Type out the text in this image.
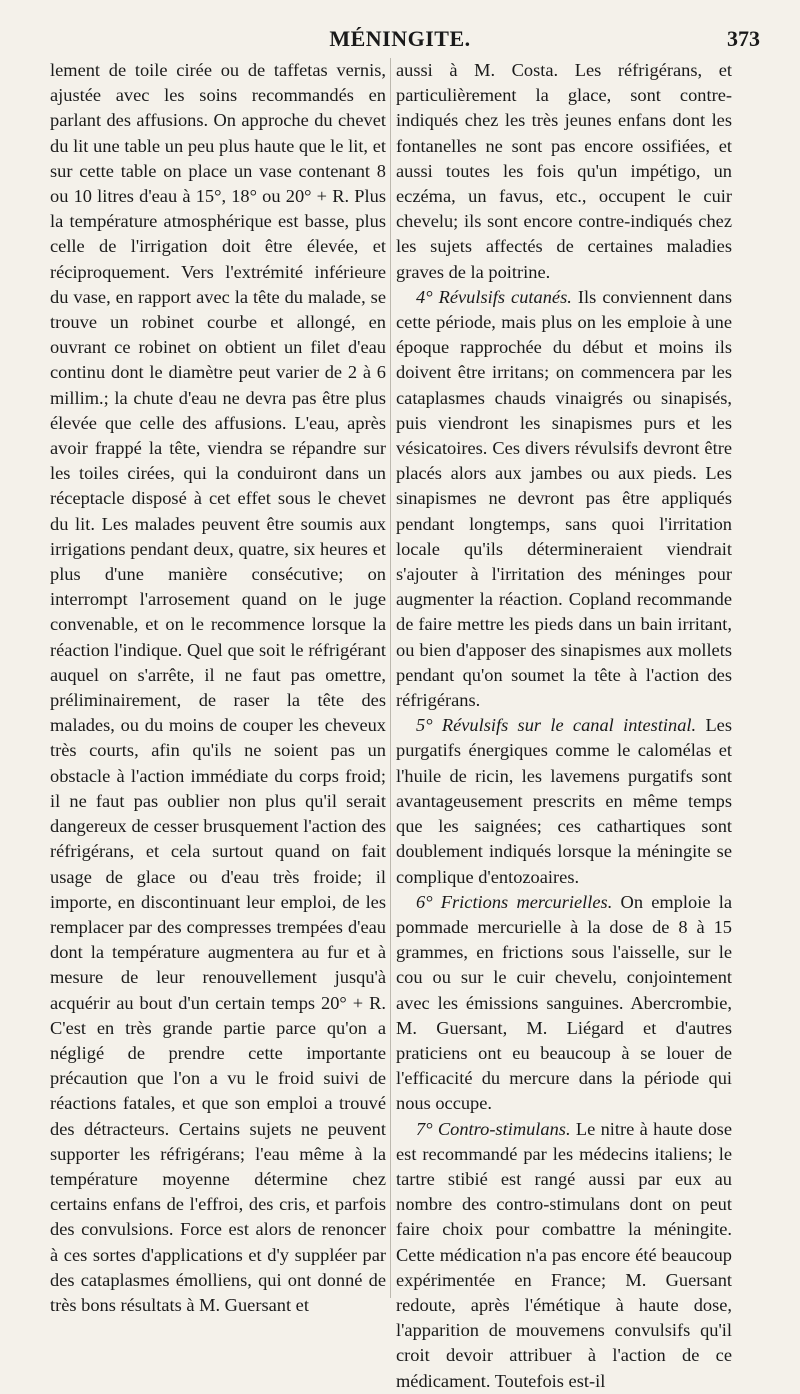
MÉNINGITE.	373

lement de toile cirée ou de taffetas vernis, ajustée avec les soins recommandés en parlant des affusions. On approche du chevet du lit une table un peu plus haute que le lit, et sur cette table on place un vase contenant 8 ou 10 litres d'eau à 15°, 18° ou 20° + R. Plus la température atmosphérique est basse, plus celle de l'irrigation doit être élevée, et réciproquement. Vers l'extrémité inférieure du vase, en rapport avec la tête du malade, se trouve un robinet courbe et allongé, en ouvrant ce robinet on obtient un filet d'eau continu dont le diamètre peut varier de 2 à 6 millim.; la chute d'eau ne devra pas être plus élevée que celle des affusions. L'eau, après avoir frappé la tête, viendra se répandre sur les toiles cirées, qui la conduiront dans un réceptacle disposé à cet effet sous le chevet du lit. Les malades peuvent être soumis aux irrigations pendant deux, quatre, six heures et plus d'une manière consécutive; on interrompt l'arrosement quand on le juge convenable, et on le recommence lorsque la réaction l'indique. Quel que soit le réfrigérant auquel on s'arrête, il ne faut pas omettre, préliminairement, de raser la tête des malades, ou du moins de couper les cheveux très courts, afin qu'ils ne soient pas un obstacle à l'action immédiate du corps froid; il ne faut pas oublier non plus qu'il serait dangereux de cesser brusquement l'action des réfrigérans, et cela surtout quand on fait usage de glace ou d'eau très froide; il importe, en discontinuant leur emploi, de les remplacer par des compresses trempées d'eau dont la température augmentera au fur et à mesure de leur renouvellement jusqu'à acquérir au bout d'un certain temps 20° + R. C'est en très grande partie parce qu'on a négligé de prendre cette importante précaution que l'on a vu le froid suivi de réactions fatales, et que son emploi a trouvé des détracteurs. Certains sujets ne peuvent supporter les réfrigérans; l'eau même à la température moyenne détermine chez certains enfans de l'effroi, des cris, et parfois des convulsions. Force est alors de renoncer à ces sortes d'applications et d'y suppléer par des cataplasmes émolliens, qui ont donné de très bons résultats à M. Guersant et

aussi à M. Costa. Les réfrigérans, et particulièrement la glace, sont contre-indiqués chez les très jeunes enfans dont les fontanelles ne sont pas encore ossifiées, et aussi toutes les fois qu'un impétigo, un eczéma, un favus, etc., occupent le cuir chevelu; ils sont encore contre-indiqués chez les sujets affectés de certaines maladies graves de la poitrine.

4° Révulsifs cutanés. Ils conviennent dans cette période, mais plus on les emploie à une époque rapprochée du début et moins ils doivent être irritans; on commencera par les cataplasmes chauds vinaigrés ou sinapisés, puis viendront les sinapismes purs et les vésicatoires. Ces divers révulsifs devront être placés alors aux jambes ou aux pieds. Les sinapismes ne devront pas être appliqués pendant longtemps, sans quoi l'irritation locale qu'ils détermineraient viendrait s'ajouter à l'irritation des méninges pour augmenter la réaction. Copland recommande de faire mettre les pieds dans un bain irritant, ou bien d'apposer des sinapismes aux mollets pendant qu'on soumet la tête à l'action des réfrigérans.

5° Révulsifs sur le canal intestinal. Les purgatifs énergiques comme le calomélas et l'huile de ricin, les lavemens purgatifs sont avantageusement prescrits en même temps que les saignées; ces cathartiques sont doublement indiqués lorsque la méningite se complique d'entozoaires.

6° Frictions mercurielles. On emploie la pommade mercurielle à la dose de 8 à 15 grammes, en frictions sous l'aisselle, sur le cou ou sur le cuir chevelu, conjointement avec les émissions sanguines. Abercrombie, M. Guersant, M. Liégard et d'autres praticiens ont eu beaucoup à se louer de l'efficacité du mercure dans la période qui nous occupe.

7° Contro-stimulans. Le nitre à haute dose est recommandé par les médecins italiens; le tartre stibié est rangé aussi par eux au nombre des contro-stimulans dont on peut faire choix pour combattre la méningite. Cette médication n'a pas encore été beaucoup expérimentée en France; M. Guersant redoute, après l'émétique à haute dose, l'apparition de mouvemens convulsifs qu'il croit devoir attribuer à l'action de ce médicament. Toutefois est-il
